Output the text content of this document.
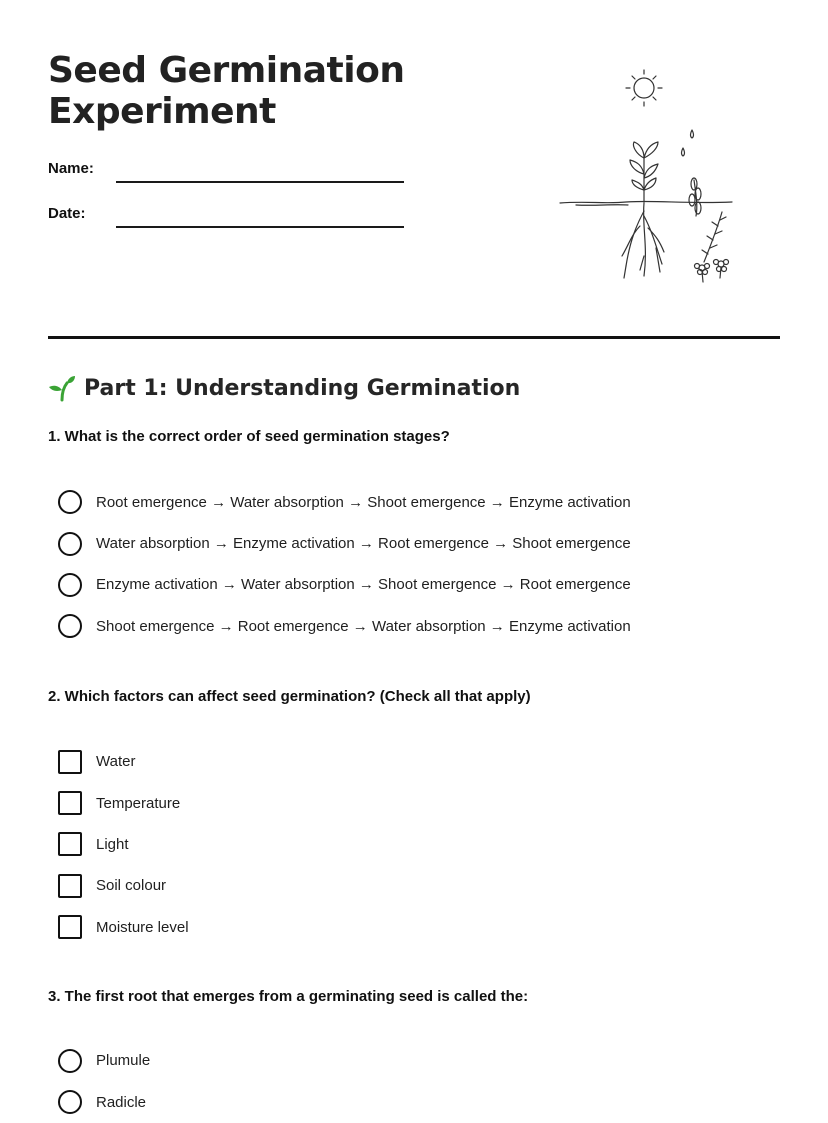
Seed Germination
Experiment
Name:
Date:
Part 1: Understanding Germination

1. What is the correct order of seed germination stages?

Root emergence → Water absorption → Shoot emergence → Enzyme activation
Water absorption → Enzyme activation → Root emergence → Shoot emergence
Enzyme activation → Water absorption → Shoot emergence → Root emergence
Shoot emergence → Root emergence → Water absorption → Enzyme activation

2. Which factors can affect seed germination? (Check all that apply)

Water
Temperature
Light
Soil colour
Moisture level

3. The first root that emerges from a germinating seed is called the:

Plumule
Radicle
